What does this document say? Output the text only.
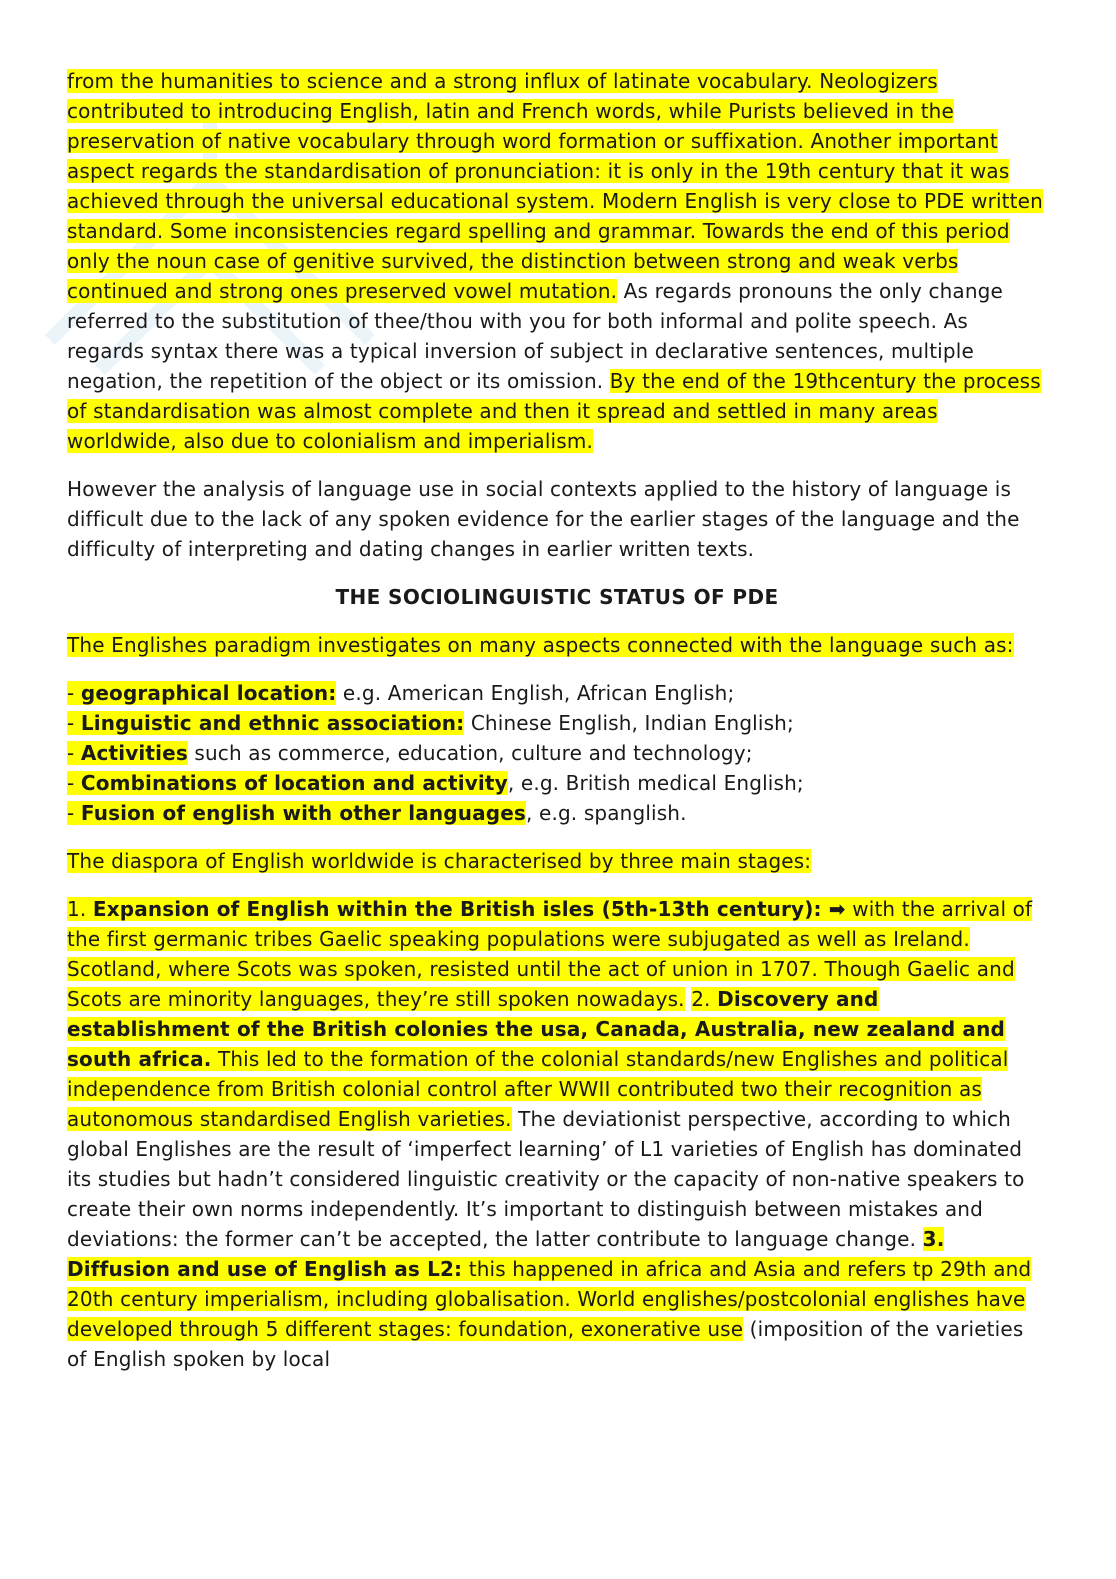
from the humanities to science and a strong influx of latinate vocabulary. Neologizers contributed to introducing English, latin and French words, while Purists believed in the preservation of native vocabulary through word formation or suffixation. Another important aspect regards the standardisation of pronunciation: it is only in the 19th century that it was achieved through the universal educational system. Modern English is very close to PDE written standard. Some inconsistencies regard spelling and grammar. Towards the end of this period only the noun case of genitive survived, the distinction between strong and weak verbs continued and strong ones preserved vowel mutation. As regards pronouns the only change referred to the substitution of thee/thou with you for both informal and polite speech. As regards syntax there was a typical inversion of subject in declarative sentences, multiple negation, the repetition of the object or its omission. By the end of the 19thcentury the process of standardisation was almost complete and then it spread and settled in many areas worldwide, also due to colonialism and imperialism.

However the analysis of language use in social contexts applied to the history of language is difficult due to the lack of any spoken evidence for the earlier stages of the language and the difficulty of interpreting and dating changes in earlier written texts.

THE SOCIOLINGUISTIC STATUS OF PDE

The Englishes paradigm investigates on many aspects connected with the language such as:

- geographical location: e.g. American English, African English;
- Linguistic and ethnic association: Chinese English, Indian English;
- Activities such as commerce, education, culture and technology;
- Combinations of location and activity, e.g. British medical English;
- Fusion of english with other languages, e.g. spanglish.

The diaspora of English worldwide is characterised by three main stages:

1. Expansion of English within the British isles (5th-13th century): ➡ with the arrival of the first germanic tribes Gaelic speaking populations were subjugated as well as Ireland. Scotland, where Scots was spoken, resisted until the act of union in 1707. Though Gaelic and Scots are minority languages, they’re still spoken nowadays. 2. Discovery and establishment of the British colonies the usa, Canada, Australia, new zealand and south africa. This led to the formation of the colonial standards/new Englishes and political independence from British colonial control after WWII contributed two their recognition as autonomous standardised English varieties. The deviationist perspective, according to which global Englishes are the result of ‘imperfect learning’ of L1 varieties of English has dominated its studies but hadn’t considered linguistic creativity or the capacity of non-native speakers to create their own norms independently. It’s important to distinguish between mistakes and deviations: the former can’t be accepted, the latter contribute to language change. 3. Diffusion and use of English as L2: this happened in africa and Asia and refers tp 29th and 20th century imperialism, including globalisation. World englishes/postcolonial englishes have developed through 5 different stages: foundation, exonerative use (imposition of the varieties of English spoken by local
